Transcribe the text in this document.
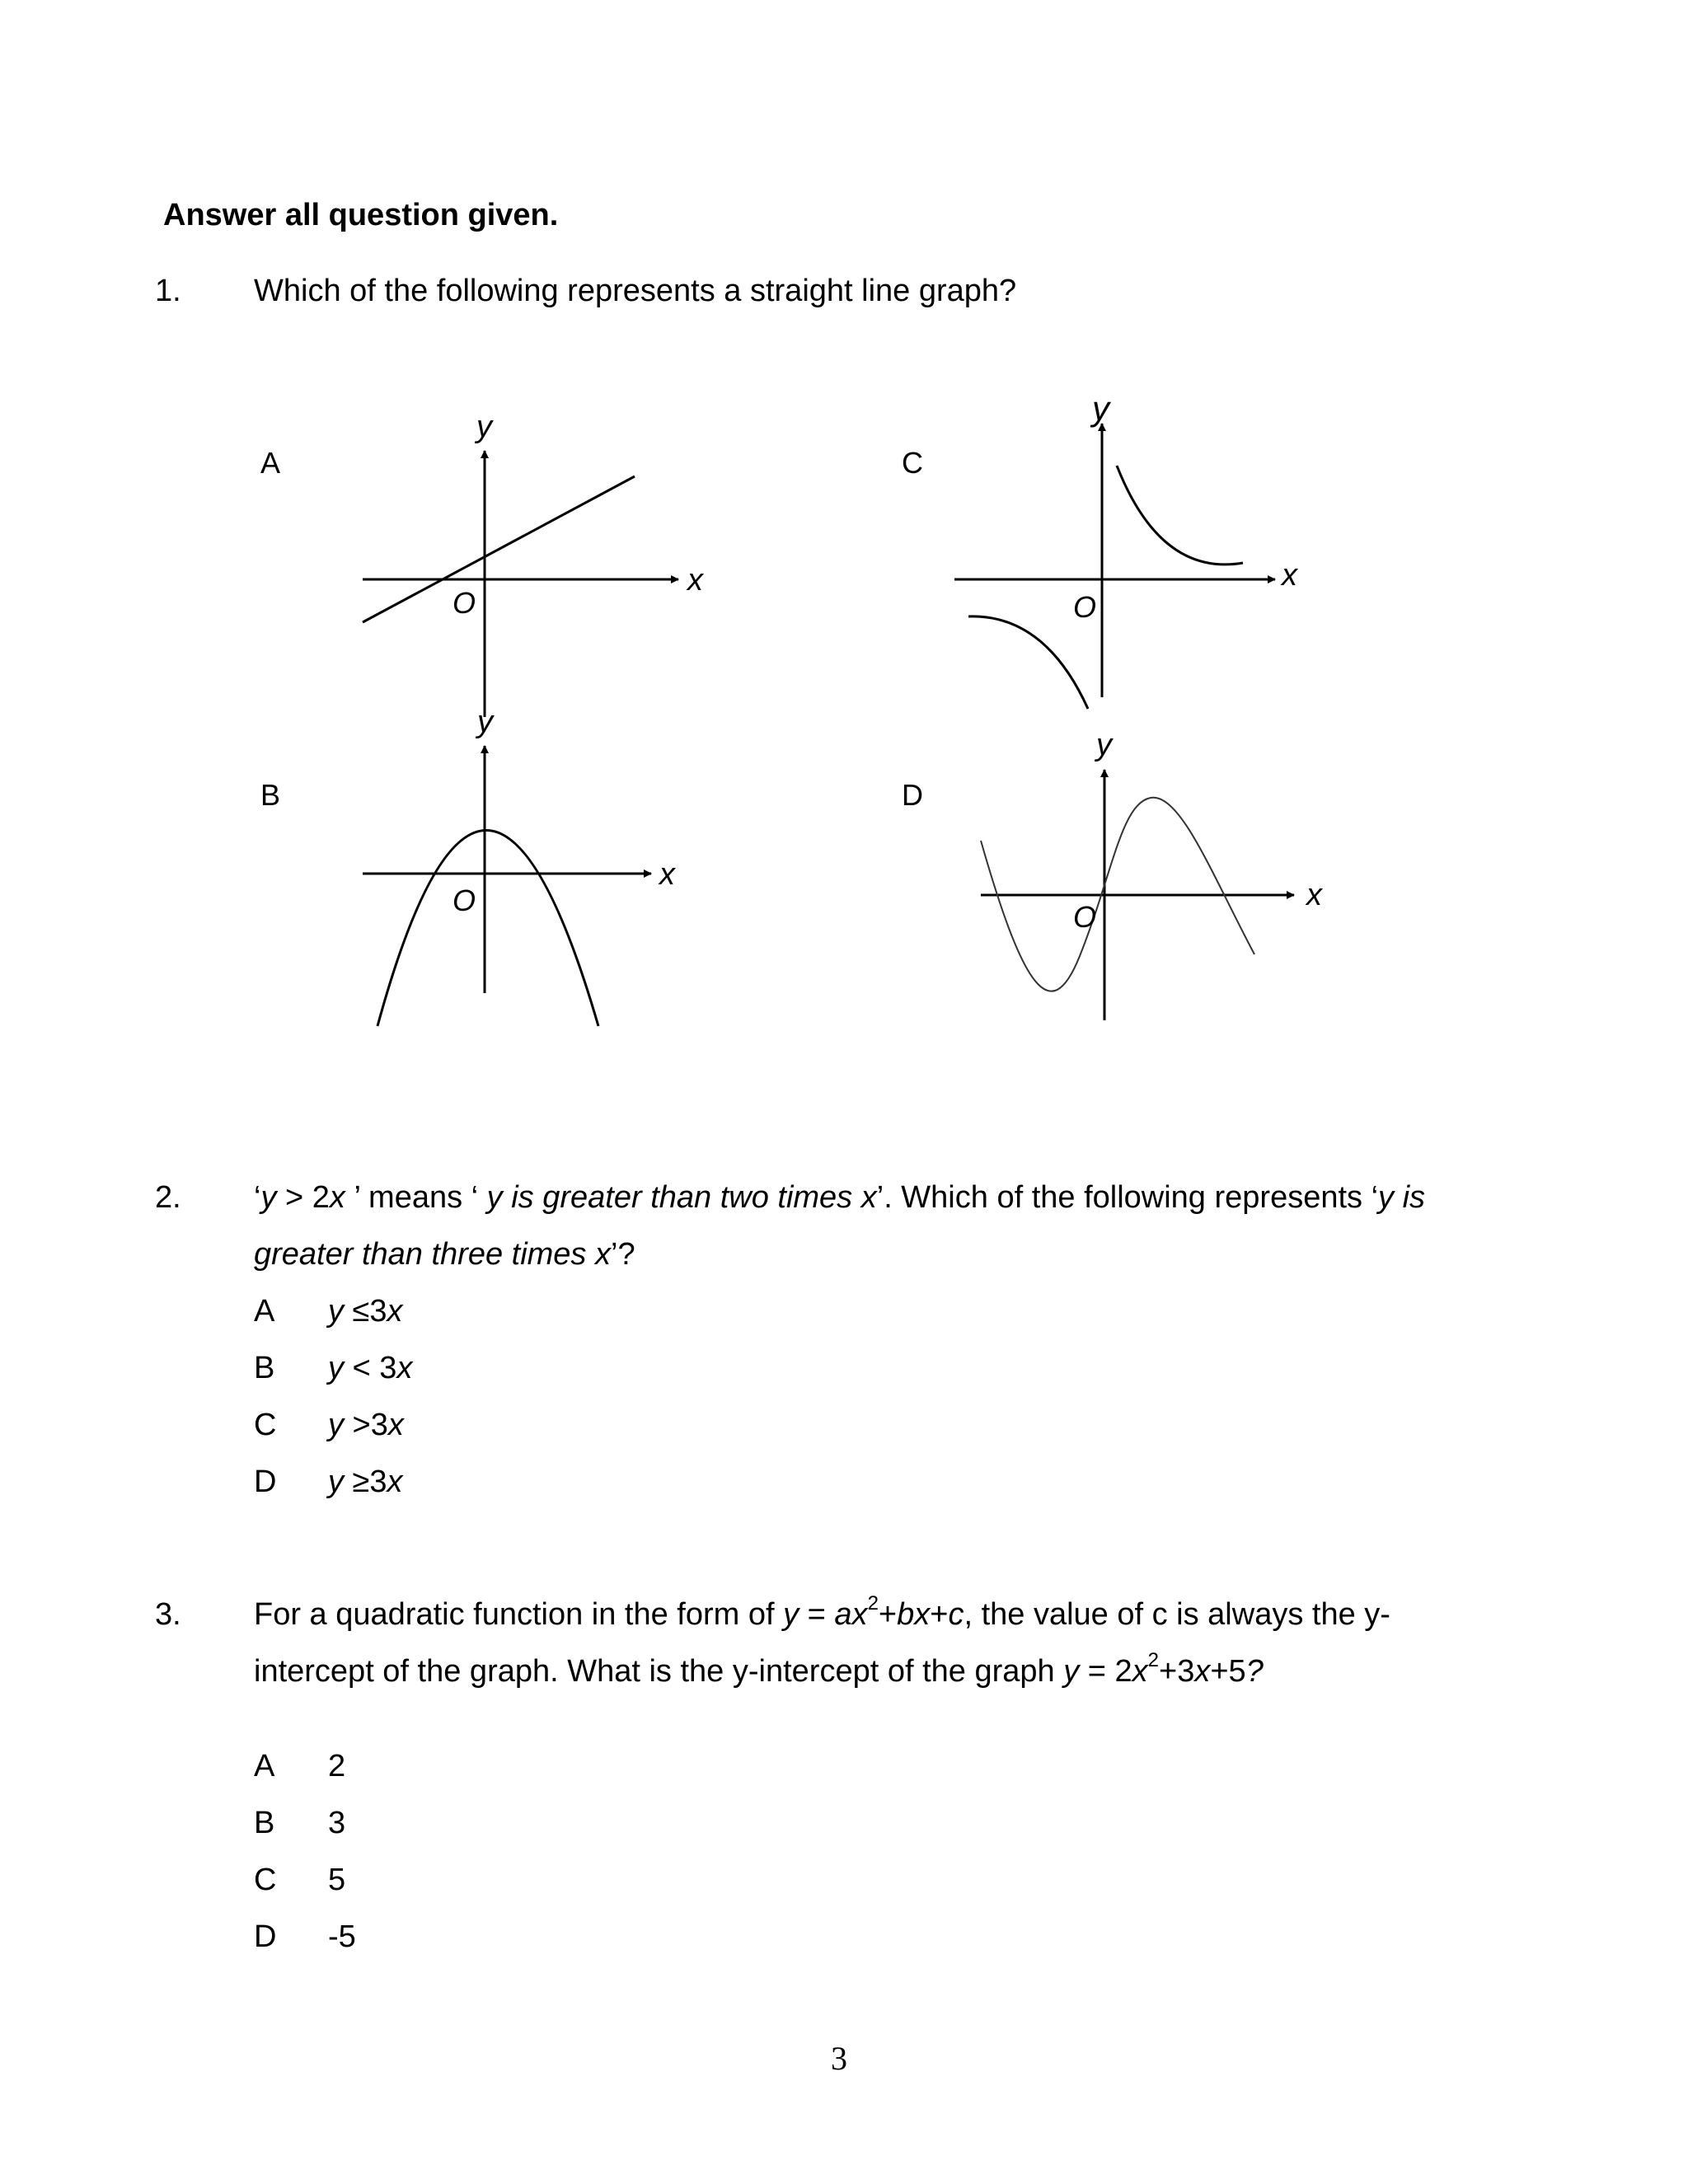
Answer all question given.
1. Which of the following represents a straight line graph?
A
y
x
O
B
y
x
O
C
y
x
O
D
y
x
O
2. ‘y > 2x ’ means ‘ y is greater than two times x’. Which of the following represents ‘y is
greater than three times x’?
A y ≤3x
B y < 3x
C y >3x
D y ≥3x
3. For a quadratic function in the form of $y = ax^2+bx+c$, the value of c is always the y-
intercept of the graph. What is the y-intercept of the graph $y = 2x^2+3x+5$?
A 2
B 3
C 5
D -5
3
